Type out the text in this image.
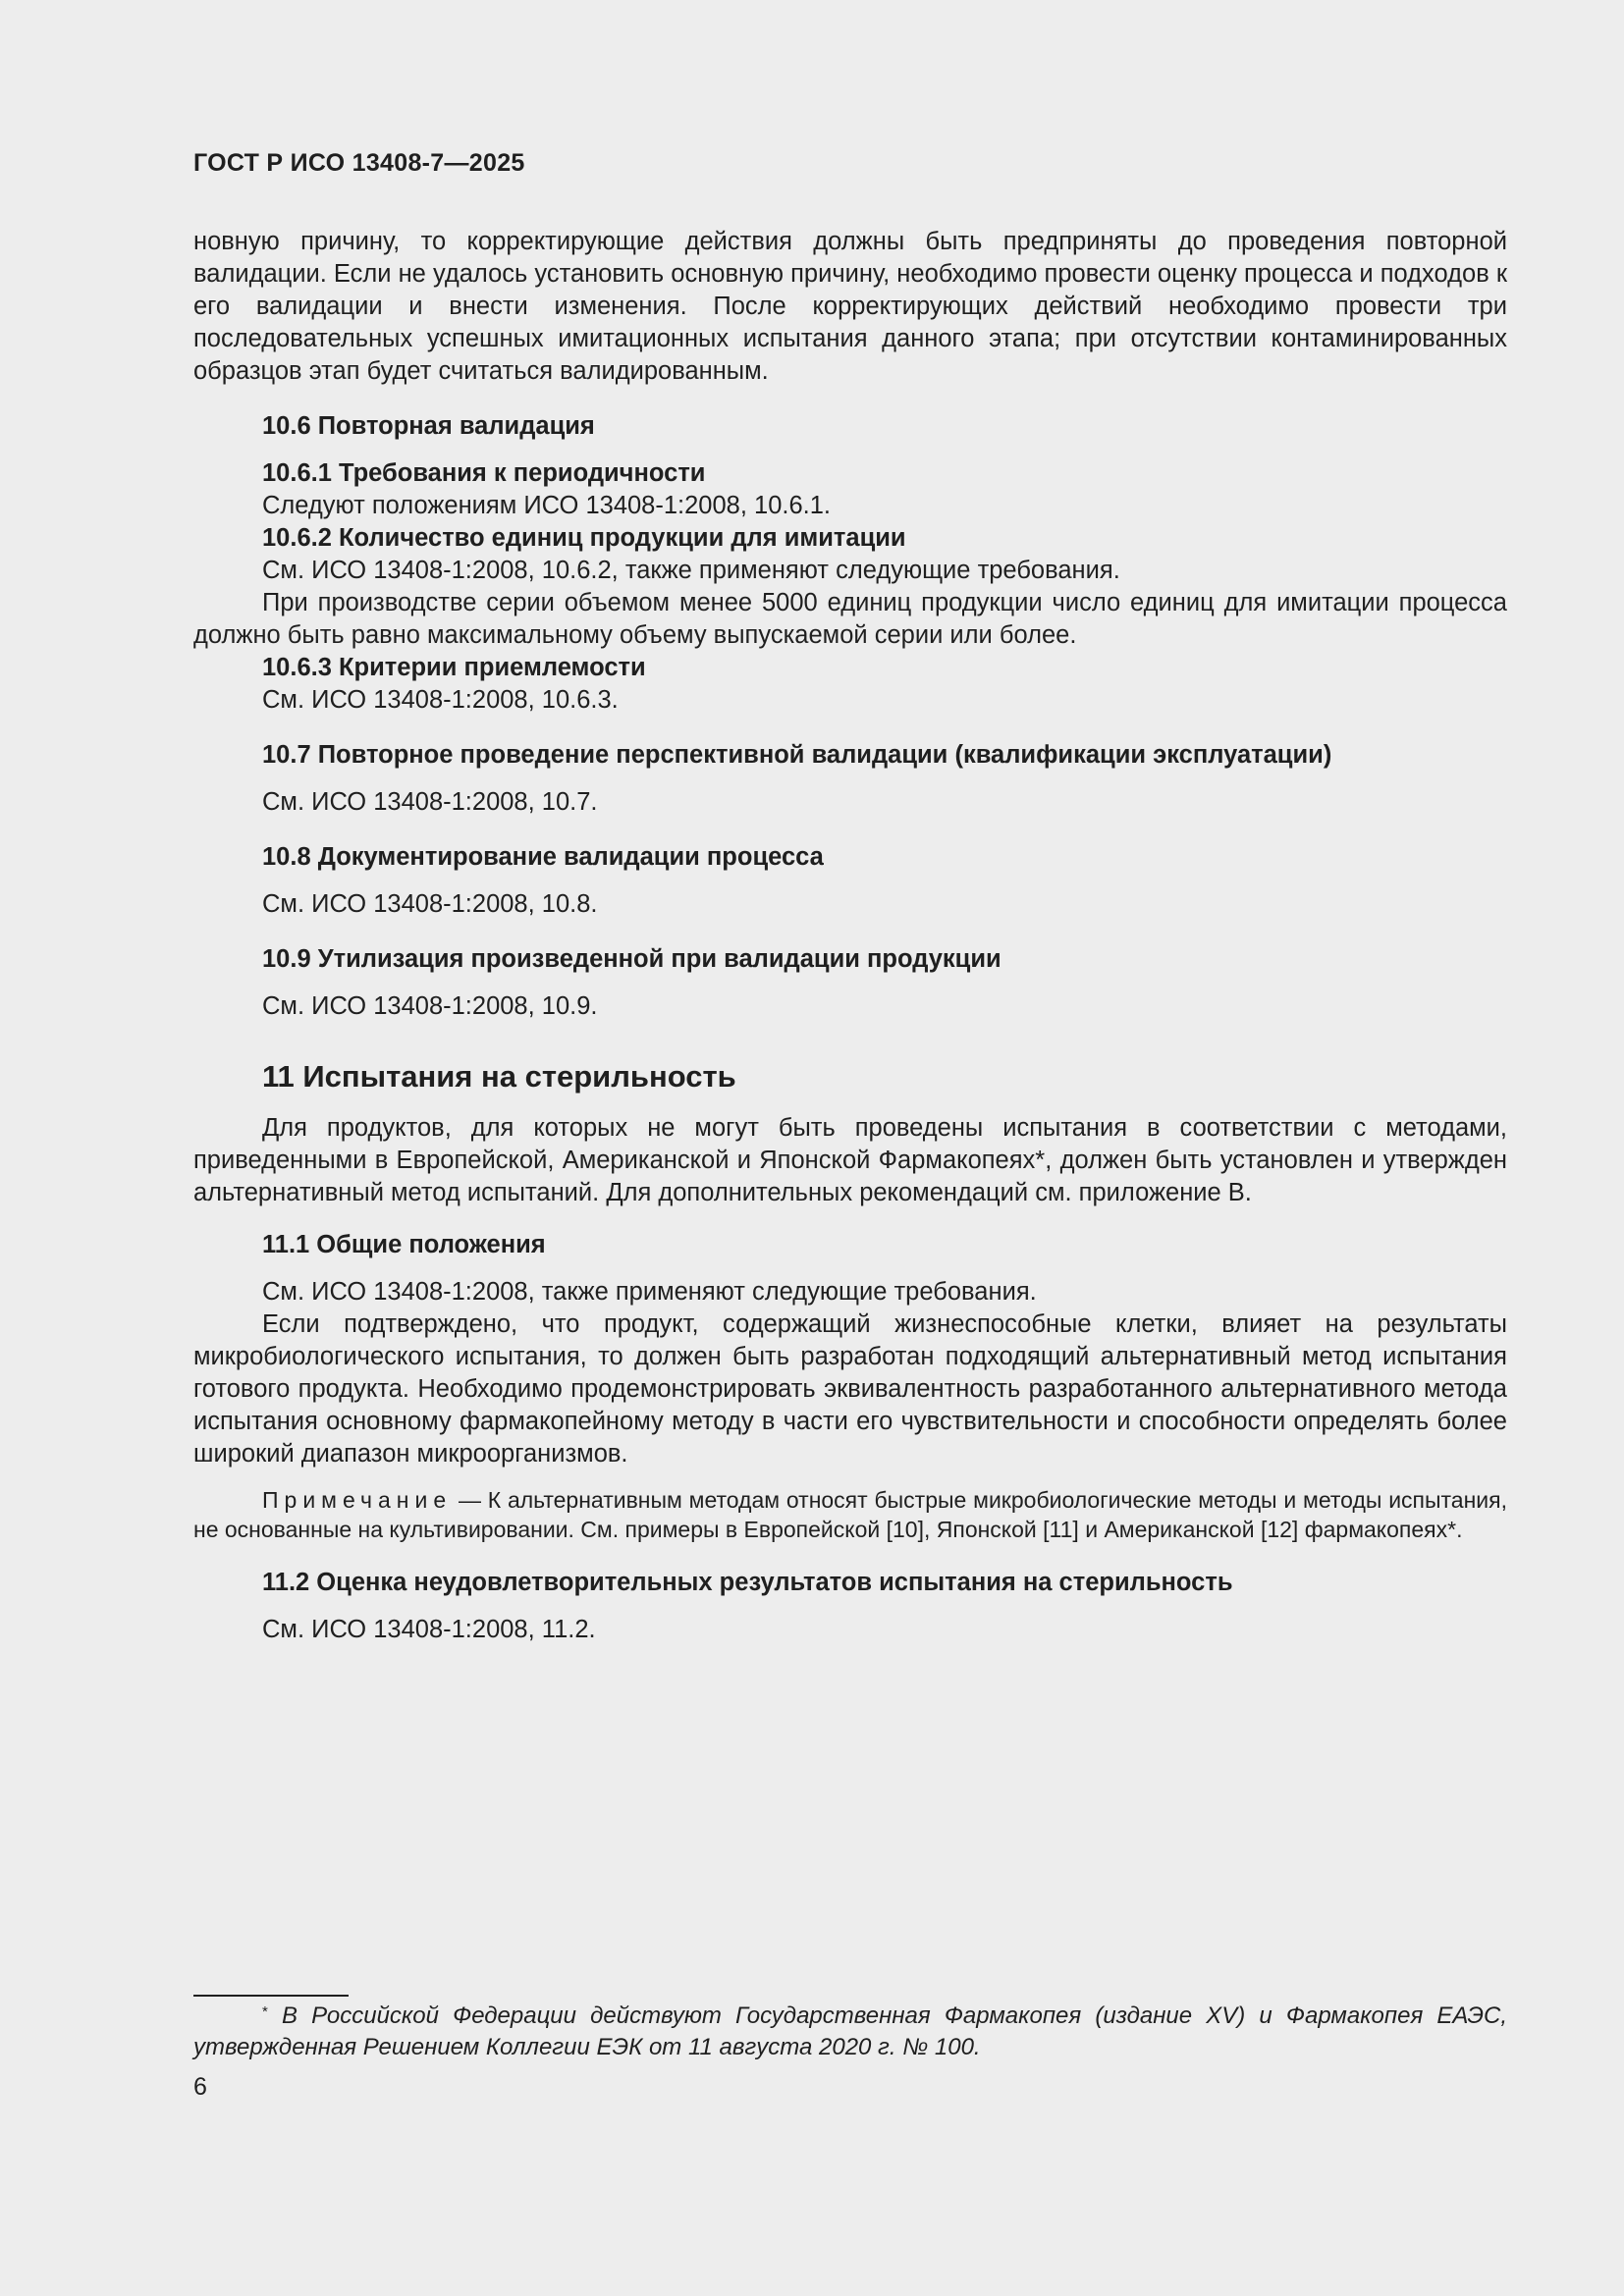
ГОСТ Р ИСО 13408-7—2025

новную причину, то корректирующие действия должны быть предприняты до проведения повторной валидации. Если не удалось установить основную причину, необходимо провести оценку процесса и подходов к его валидации и внести изменения. После корректирующих действий необходимо провести три последовательных успешных имитационных испытания данного этапа; при отсутствии контаминированных образцов этап будет считаться валидированным.

10.6 Повторная валидация

10.6.1 Требования к периодичности

Следуют положениям ИСО 13408-1:2008, 10.6.1.

10.6.2 Количество единиц продукции для имитации

См. ИСО 13408-1:2008, 10.6.2, также применяют следующие требования.

При производстве серии объемом менее 5000 единиц продукции число единиц для имитации процесса должно быть равно максимальному объему выпускаемой серии или более.

10.6.3 Критерии приемлемости

См. ИСО 13408-1:2008, 10.6.3.

10.7 Повторное проведение перспективной валидации (квалификации эксплуатации)

См. ИСО 13408-1:2008, 10.7.

10.8 Документирование валидации процесса

См. ИСО 13408-1:2008, 10.8.

10.9 Утилизация произведенной при валидации продукции

См. ИСО 13408-1:2008, 10.9.

11 Испытания на стерильность

Для продуктов, для которых не могут быть проведены испытания в соответствии с методами, приведенными в Европейской, Американской и Японской Фармакопеях*, должен быть установлен и утвержден альтернативный метод испытаний. Для дополнительных рекомендаций см. приложение В.

11.1 Общие положения

См. ИСО 13408-1:2008, также применяют следующие требования.

Если подтверждено, что продукт, содержащий жизнеспособные клетки, влияет на результаты микробиологического испытания, то должен быть разработан подходящий альтернативный метод испытания готового продукта. Необходимо продемонстрировать эквивалентность разработанного альтернативного метода испытания основному фармакопейному методу в части его чувствительности и способности определять более широкий диапазон микроорганизмов.

Примечание — К альтернативным методам относят быстрые микробиологические методы и методы испытания, не основанные на культивировании. См. примеры в Европейской [10], Японской [11] и Американской [12] фармакопеях*.

11.2 Оценка неудовлетворительных результатов испытания на стерильность

См. ИСО 13408-1:2008, 11.2.

* В Российской Федерации действуют Государственная Фармакопея (издание XV) и Фармакопея ЕАЭС, утвержденная Решением Коллегии ЕЭК от 11 августа 2020 г. № 100.
6
